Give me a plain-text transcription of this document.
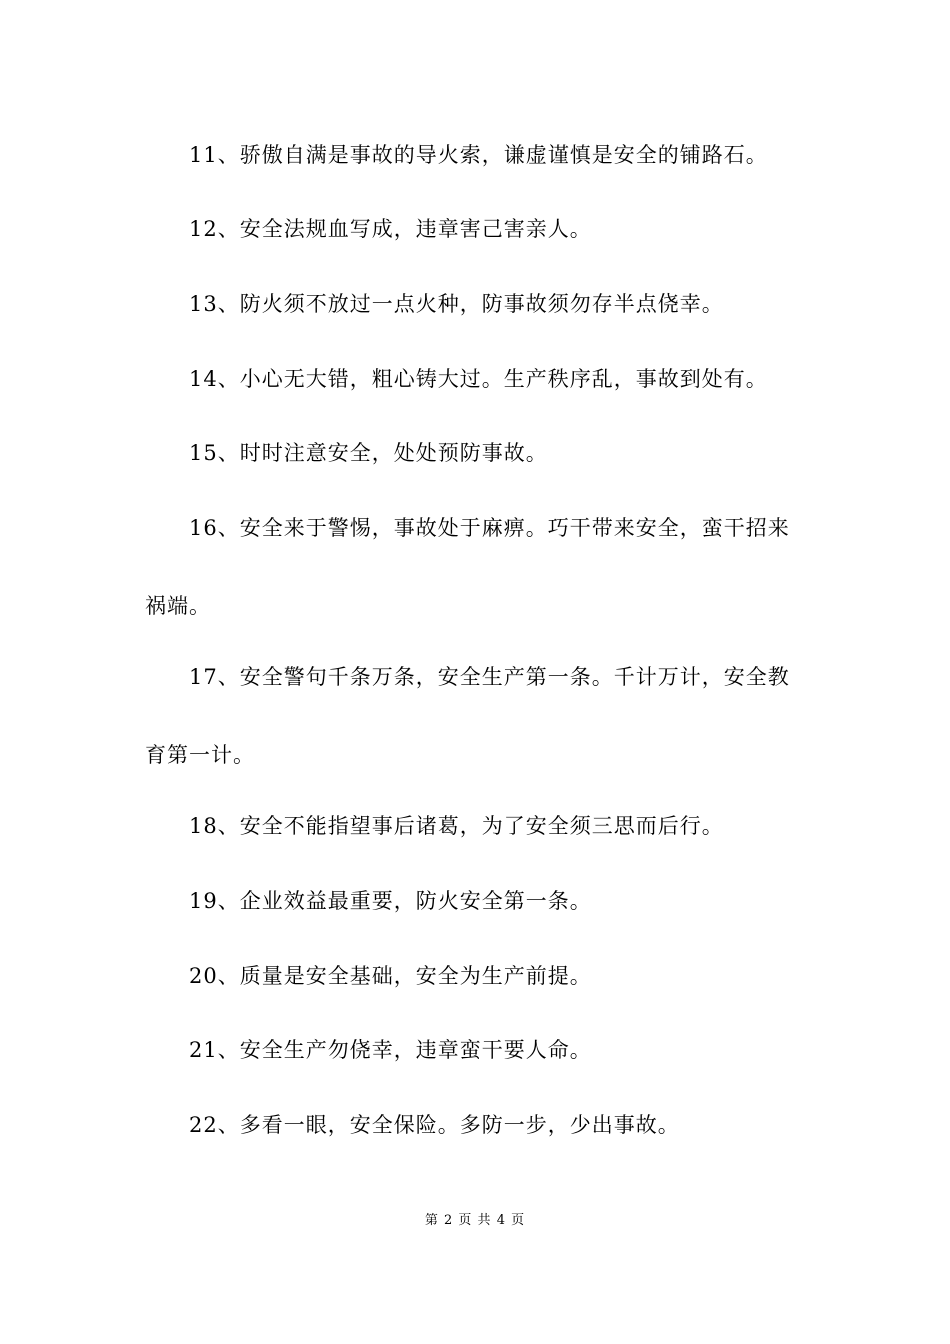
11、骄傲自满是事故的导火索，谦虚谨慎是安全的铺路石。

12、安全法规血写成，违章害己害亲人。

13、防火须不放过一点火种，防事故须勿存半点侥幸。

14、小心无大错，粗心铸大过。生产秩序乱，事故到处有。

15、时时注意安全，处处预防事故。

16、安全来于警惕，事故处于麻痹。巧干带来安全，蛮干招来祸端。

17、安全警句千条万条，安全生产第一条。千计万计，安全教育第一计。

18、安全不能指望事后诸葛，为了安全须三思而后行。

19、企业效益最重要，防火安全第一条。

20、质量是安全基础，安全为生产前提。

21、安全生产勿侥幸，违章蛮干要人命。

22、多看一眼，安全保险。多防一步，少出事故。

第 2 页 共 4 页
